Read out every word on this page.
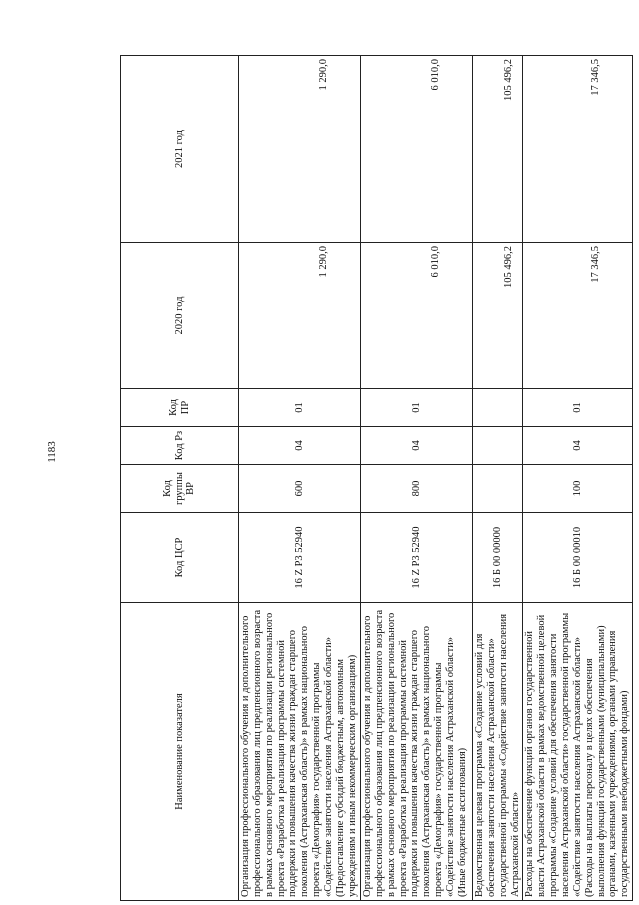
1183
Наименование показателя	Код ЦСР	Код группы ВР	Код Рз	Код ПР	2020 год	2021 год
Организация профессионального обучения и дополнительного профессионального образования лиц предпенсионного возраста в рамках основного мероприятия по реализации регионального проекта «Разработка и реализация программы системной поддержки и повышения качества жизни граждан старшего поколения (Астраханская область)» в рамках национального проекта «Демография» государственной программы «Содействие занятости населения Астраханской области» (Предоставление субсидий бюджетным, автономным учреждениям и иным некоммерческим организациям)	16 Z P3 52940	600	04	01	1 290,0	1 290,0
Организация профессионального обучения и дополнительного профессионального образования лиц предпенсионного возраста в рамках основного мероприятия по реализации регионального проекта «Разработка и реализация программы системной поддержки и повышения качества жизни граждан старшего поколения (Астраханская область)» в рамках национального проекта «Демография» государственной программы «Содействие занятости населения Астраханской области» (Иные бюджетные ассигнования)	16 Z P3 52940	800	04	01	6 010,0	6 010,0
Ведомственная целевая программа «Создание условий для обеспечения занятости населения Астраханской области» государственной программы «Содействие занятости населения Астраханской области»	16 Б 00 00000				105 496,2	105 496,2
Расходы на обеспечение функций органов государственной власти Астраханской области в рамках ведомственной целевой программы «Создание условий для обеспечения занятости населения Астраханской области» государственной программы «Содействие занятости населения Астраханской области» (Расходы на выплаты персоналу в целях обеспечения выполнения функций государственными (муниципальными) органами, казенными учреждениями, органами управления государственными внебюджетными фондами)	16 Б 00 00010	100	04	01	17 346,5	17 346,5
